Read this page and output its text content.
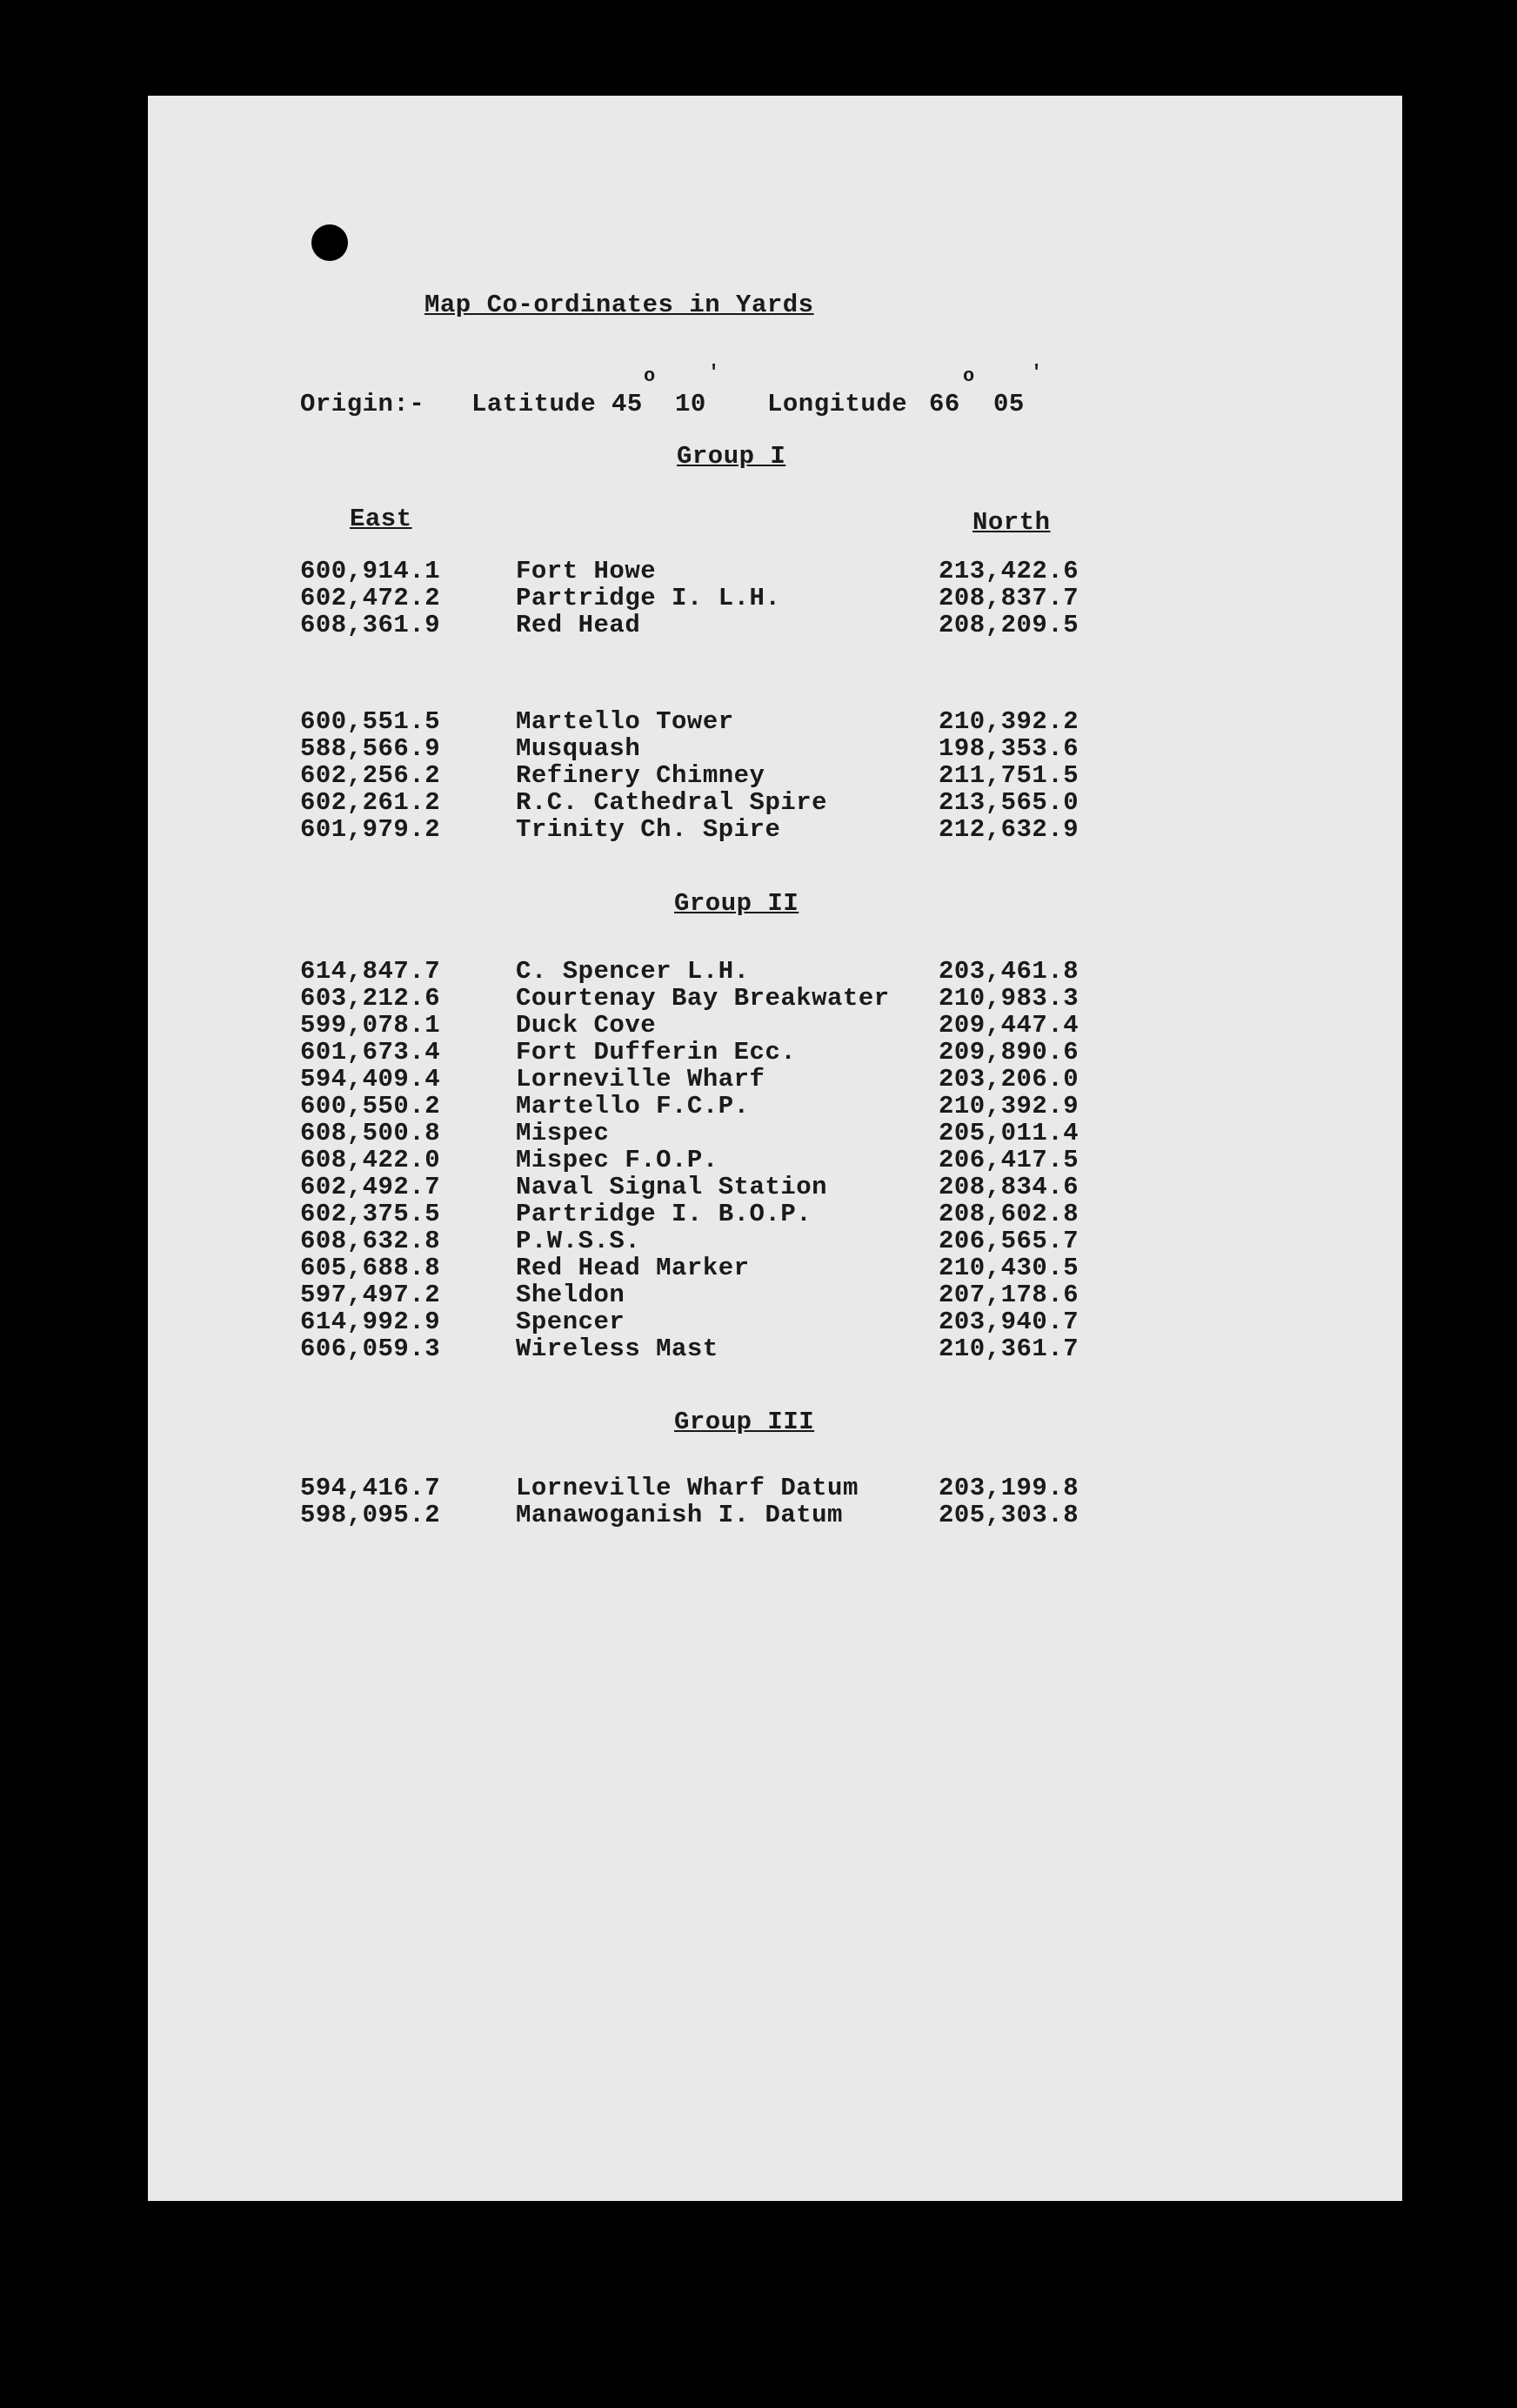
Map Co-ordinates in Yards
Origin:- Latitude 45
o
10
'
Longitude 66
o
05
'
Group I
East	North
600,914.1	Fort Howe	213,422.6
602,472.2	Partridge I. L.H.	208,837.7
608,361.9	Red Head	208,209.5
600,551.5	Martello Tower	210,392.2
588,566.9	Musquash	198,353.6
602,256.2	Refinery Chimney	211,751.5
602,261.2	R.C. Cathedral Spire	213,565.0
601,979.2	Trinity Ch. Spire	212,632.9
Group II
614,847.7	C. Spencer L.H.	203,461.8
603,212.6	Courtenay Bay Breakwater 210,983.3
599,078.1	Duck Cove	209,447.4
601,673.4	Fort Dufferin Ecc.	209,890.6
594,409.4	Lorneville Wharf	203,206.0
600,550.2	Martello F.C.P.	210,392.9
608,500.8	Mispec	205,011.4
608,422.0	Mispec F.O.P.	206,417.5
602,492.7	Naval Signal Station	208,834.6
602,375.5	Partridge I. B.O.P.	208,602.8
608,632.8	P.W.S.S.	206,565.7
605,688.8	Red Head Marker	210,430.5
597,497.2	Sheldon	207,178.6
614,992.9	Spencer	203,940.7
606,059.3	Wireless Mast	210,361.7
Group III
594,416.7	Lorneville Wharf Datum	203,199.8
598,095.2	Manawoganish I. Datum	205,303.8
